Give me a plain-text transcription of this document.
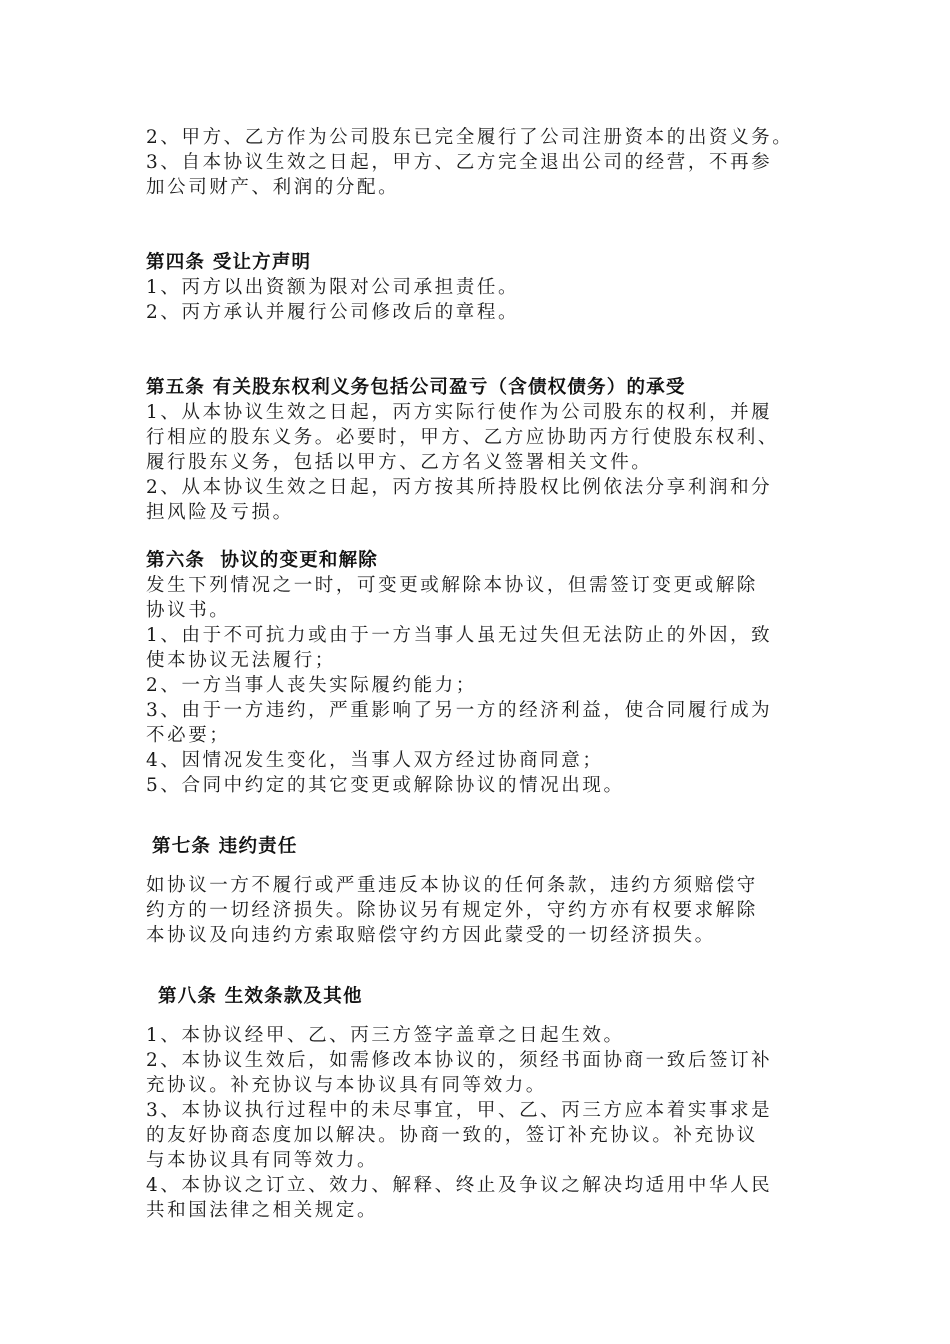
2、甲方、乙方作为公司股东已完全履行了公司注册资本的出资义务。
3、自本协议生效之日起，甲方、乙方完全退出公司的经营，不再参
加公司财产、利润的分配。
第四条 受让方声明
1、丙方以出资额为限对公司承担责任。
2、丙方承认并履行公司修改后的章程。
第五条 有关股东权利义务包括公司盈亏（含债权债务）的承受
1、从本协议生效之日起，丙方实际行使作为公司股东的权利，并履
行相应的股东义务。必要时，甲方、乙方应协助丙方行使股东权利、
履行股东义务，包括以甲方、乙方名义签署相关文件。
2、从本协议生效之日起，丙方按其所持股权比例依法分享利润和分
担风险及亏损。
第六条  协议的变更和解除
发生下列情况之一时，可变更或解除本协议，但需签订变更或解除
协议书。
1、由于不可抗力或由于一方当事人虽无过失但无法防止的外因，致
使本协议无法履行；
2、一方当事人丧失实际履约能力；
3、由于一方违约，严重影响了另一方的经济利益，使合同履行成为
不必要；
4、因情况发生变化，当事人双方经过协商同意；
5、合同中约定的其它变更或解除协议的情况出现。
第七条 违约责任
如协议一方不履行或严重违反本协议的任何条款，违约方须赔偿守
约方的一切经济损失。除协议另有规定外，守约方亦有权要求解除
本协议及向违约方索取赔偿守约方因此蒙受的一切经济损失。
第八条 生效条款及其他
1、本协议经甲、乙、丙三方签字盖章之日起生效。
2、本协议生效后，如需修改本协议的，须经书面协商一致后签订补
充协议。补充协议与本协议具有同等效力。
3、本协议执行过程中的未尽事宜，甲、乙、丙三方应本着实事求是
的友好协商态度加以解决。协商一致的，签订补充协议。补充协议
与本协议具有同等效力。
4、本协议之订立、效力、解释、终止及争议之解决均适用中华人民
共和国法律之相关规定。
